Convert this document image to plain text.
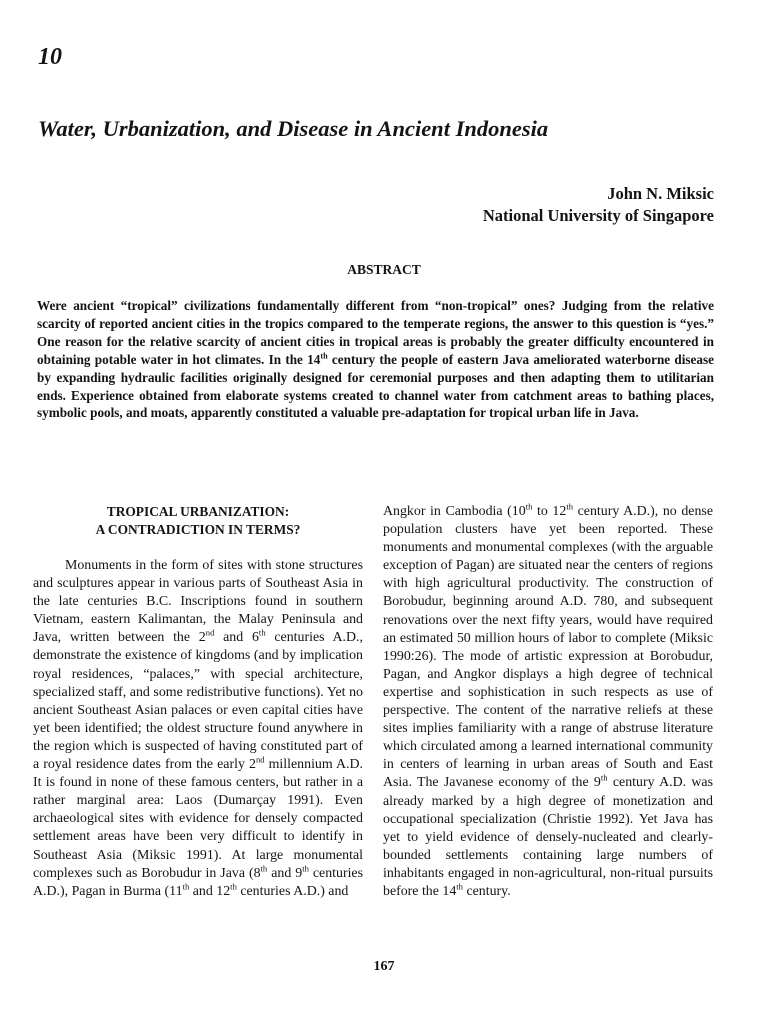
10
Water, Urbanization, and Disease in Ancient Indonesia
John N. Miksic
National University of Singapore
ABSTRACT

Were ancient “tropical” civilizations fundamentally different from “non-tropical” ones? Judging from the relative scarcity of reported ancient cities in the tropics compared to the temperate regions, the answer to this question is “yes.” One reason for the relative scarcity of ancient cities in tropical areas is probably the greater difficulty encountered in obtaining potable water in hot climates. In the 14th century the people of eastern Java ameliorated waterborne disease by expanding hydraulic facilities originally designed for ceremonial purposes and then adapting them to utilitarian ends. Experience obtained from elaborate systems created to channel water from catchment areas to bathing places, symbolic pools, and moats, apparently constituted a valuable pre-adaptation for tropical urban life in Java.

TROPICAL URBANIZATION:
A CONTRADICTION IN TERMS?

Monuments in the form of sites with stone structures and sculptures appear in various parts of Southeast Asia in the late centuries B.C. Inscriptions found in southern Vietnam, eastern Kalimantan, the Malay Peninsula and Java, written between the 2nd and 6th centuries A.D., demonstrate the existence of kingdoms (and by implication royal residences, “palaces,” with special architecture, specialized staff, and some redistributive functions). Yet no ancient Southeast Asian palaces or even capital cities have yet been identified; the oldest structure found anywhere in the region which is suspected of having constituted part of a royal residence dates from the early 2nd millennium A.D. It is found in none of these famous centers, but rather in a rather marginal area: Laos (Dumarçay 1991). Even archaeological sites with evidence for densely compacted settlement areas have been very difficult to identify in Southeast Asia (Miksic 1991). At large monumental complexes such as Borobudur in Java (8th and 9th centuries A.D.), Pagan in Burma (11th and 12th centuries A.D.) and

Angkor in Cambodia (10th to 12th century A.D.), no dense population clusters have yet been reported. These monuments and monumental complexes (with the arguable exception of Pagan) are situated near the centers of regions with high agricultural productivity. The construction of Borobudur, beginning around A.D. 780, and subsequent renovations over the next fifty years, would have required an estimated 50 million hours of labor to complete (Miksic 1990:26). The mode of artistic expression at Borobudur, Pagan, and Angkor displays a high degree of technical expertise and sophistication in such respects as use of perspective. The content of the narrative reliefs at these sites implies familiarity with a range of abstruse literature which circulated among a learned international community in centers of learning in urban areas of South and East Asia. The Javanese economy of the 9th century A.D. was already marked by a high degree of monetization and occupational specialization (Christie 1992). Yet Java has yet to yield evidence of densely-nucleated and clearly-bounded settlements containing large numbers of inhabitants engaged in non-agricultural, non-ritual pursuits before the 14th century.

167
